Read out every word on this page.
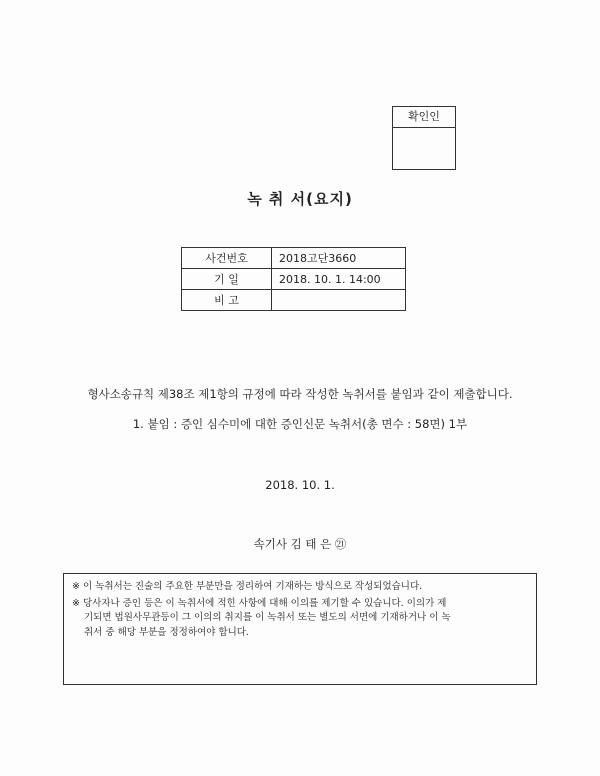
확인인
녹 취 서(요지)
사건번호	2018고단3660
기 일	2018. 10. 1. 14:00
비 고	
형사소송규칙 제38조 제1항의 규정에 따라 작성한 녹취서를 붙임과 같이 제출합니다.
1. 붙임 : 증인 심수미에 대한 증인신문 녹취서(총 면수 : 58면) 1부
2018. 10. 1.
속기사 김 태 은 ㉑
※ 이 녹취서는 진술의 주요한 부분만을 정리하여 기재하는 방식으로 작성되었습니다.
※ 당사자나 증인 등은 이 녹취서에 적힌 사항에 대해 이의를 제기할 수 있습니다. 이의가 제
기되면 법원사무관등이 그 이의의 취지를 이 녹취서 또는 별도의 서면에 기재하거나 이 녹
취서 중 해당 부분을 정정하여야 합니다.
